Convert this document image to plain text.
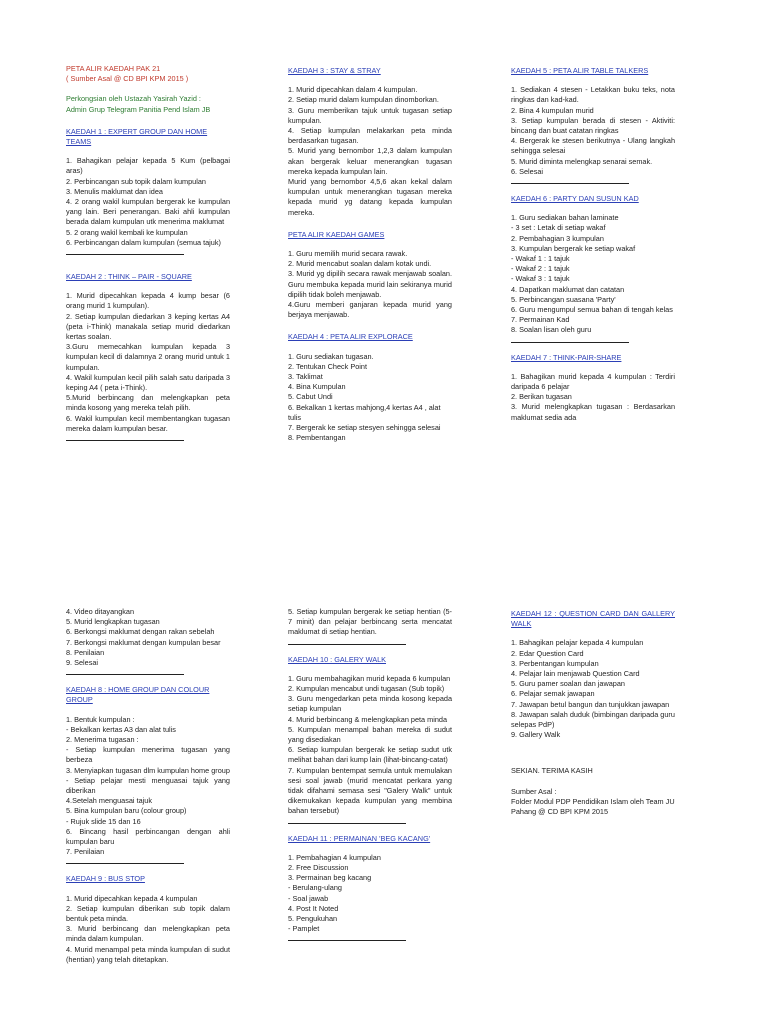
PETA ALIR KAEDAH PAK 21
( Sumber Asal @ CD BPI KPM 2015 )
Perkongsian oleh Ustazah Yasirah Yazid :
Admin Grup Telegram Panitia Pend Islam JB
KAEDAH 1 : EXPERT GROUP DAN HOME TEAMS
1. Bahagikan pelajar kepada 5 Kum (pelbagai aras)
2. Perbincangan sub topik dalam kumpulan
3. Menulis maklumat dan idea
4. 2 orang wakil kumpulan bergerak ke kumpulan yang lain. Beri penerangan. Baki ahli kumpulan berada dalam kumpulan utk menerima maklumat
5. 2 orang wakil kembali ke kumpulan
6. Perbincangan dalam kumpulan (semua tajuk)
KAEDAH 2 : THINK – PAIR - SQUARE
1. Murid dipecahkan kepada 4 kump besar (6 orang murid 1 kumpulan).
2. Setiap kumpulan diedarkan 3 keping kertas A4 (peta i-Think) manakala setiap murid diedarkan kertas soalan.
3.Guru memecahkan kumpulan kepada 3 kumpulan kecil di dalamnya 2 orang murid untuk 1 kumpulan.
4. Wakil kumpulan kecil pilih salah satu daripada 3 keping A4 ( peta i-Think).
5.Murid berbincang dan melengkapkan peta minda kosong yang mereka telah pilih.
6. Wakil kumpulan kecil membentangkan tugasan mereka dalam kumpulan besar.
KAEDAH 3 : STAY & STRAY
1. Murid dipecahkan dalam 4 kumpulan.
2. Setiap murid dalam kumpulan dinomborkan.
3. Guru memberikan tajuk untuk tugasan setiap kumpulan.
4. Setiap kumpulan melakarkan peta minda berdasarkan tugasan.
5. Murid yang bernombor 1,2,3 dalam kumpulan akan bergerak keluar menerangkan tugasan mereka kepada kumpulan lain.
Murid yang bernombor 4,5,6 akan kekal dalam kumpulan untuk menerangkan tugasan mereka kepada murid yg datang kepada kumpulan mereka.
PETA ALIR KAEDAH GAMES
1. Guru memilih murid secara rawak.
2. Murid mencabut soalan dalam kotak undi.
3. Murid yg dipilih secara rawak menjawab soalan. Guru membuka kepada murid lain sekiranya murid dipilih tidak boleh menjawab.
4.Guru memberi ganjaran kepada murid yang berjaya menjawab.
KAEDAH 4 : PETA ALIR EXPLORACE
1. Guru sediakan tugasan.
2. Tentukan Check Point
3. Taklimat
4. Bina Kumpulan
5. Cabut Undi
6. Bekalkan 1 kertas mahjong,4 kertas A4 , alat tulis
7. Bergerak ke setiap stesyen sehingga selesai
8. Pembentangan
KAEDAH 5 : PETA ALIR TABLE TALKERS
1. Sediakan 4 stesen - Letakkan buku teks, nota ringkas dan kad-kad.
2. Bina 4 kumpulan murid
3. Setiap kumpulan berada di stesen - Aktiviti: bincang dan buat catatan ringkas
4. Bergerak ke stesen berikutnya - Ulang langkah sehingga selesai
5. Murid diminta melengkap senarai semak.
6. Selesai
KAEDAH 6 : PARTY DAN SUSUN KAD
1. Guru sediakan bahan laminate
- 3 set : Letak di setiap wakaf
2. Pembahagian 3 kumpulan
3. Kumpulan bergerak ke setiap wakaf
- Wakaf 1 : 1 tajuk
- Wakaf 2 : 1 tajuk
- Wakaf 3 : 1 tajuk
4. Dapatkan maklumat dan catatan
5. Perbincangan suasana 'Party'
6. Guru mengumpul semua bahan di tengah kelas
7. Permainan Kad
8. Soalan lisan oleh guru
KAEDAH 7 : THINK-PAIR-SHARE
1. Bahagikan murid kepada 4 kumpulan : Terdiri daripada 6 pelajar
2. Berikan tugasan
3. Murid melengkapkan tugasan : Berdasarkan maklumat sedia ada
4. Video ditayangkan
5. Murid lengkapkan tugasan
6. Berkongsi maklumat dengan rakan sebelah
7. Berkongsi maklumat dengan kumpulan besar
8. Penilaian
9. Selesai
KAEDAH 8 : HOME GROUP DAN COLOUR GROUP
1. Bentuk kumpulan :
- Bekalkan kertas A3 dan alat tulis
2. Menerima tugasan :
- Setiap kumpulan menerima tugasan yang berbeza
3. Menyiapkan tugasan dlm kumpulan home group
- Setiap pelajar mesti menguasai tajuk yang diberikan
4.Setelah menguasai tajuk
5. Bina kumpulan baru (colour group)
- Rujuk slide 15 dan 16
6. Bincang hasil perbincangan dengan ahli kumpulan baru
7. Penilaian
KAEDAH 9 : BUS STOP
1. Murid dipecahkan kepada 4 kumpulan
2. Setiap kumpulan diberikan sub topik dalam bentuk peta minda.
3. Murid berbincang dan melengkapkan peta minda dalam kumpulan.
4. Murid menampal peta minda kumpulan di sudut (hentian) yang telah ditetapkan.
5. Setiap kumpulan bergerak ke setiap hentian (5-7 minit) dan pelajar berbincang serta mencatat maklumat di setiap hentian.
KAEDAH 10 : GALERY WALK
1. Guru membahagikan murid kepada 6 kumpulan
2. Kumpulan mencabut undi tugasan (Sub topik)
3. Guru mengedarkan peta minda kosong kepada setiap kumpulan
4. Murid berbincang & melengkapkan peta minda
5. Kumpulan menampal bahan mereka di sudut yang disediakan
6. Setiap kumpulan bergerak ke setiap sudut utk melihat bahan dari kump lain (lihat-bincang-catat)
7. Kumpulan bentempat semula untuk memulakan sesi soal jawab (murid mencatat perkara yang tidak difahami semasa sesi "Galery Walk" untuk dikemukakan kepada kumpulan yang membina bahan tersebut)
KAEDAH 11 : PERMAINAN 'BEG KACANG'
1. Pembahagian 4 kumpulan
2. Free Discussion
3. Permainan beg kacang
- Berulang-ulang
- Soal jawab
4. Post It Noted
5. Pengukuhan
- Pamplet
KAEDAH 12 : QUESTION CARD DAN GALLERY WALK
1. Bahagikan pelajar kepada 4 kumpulan
2. Edar Question Card
3. Perbentangan kumpulan
4. Pelajar lain menjawab Question Card
5. Guru pamer soalan dan jawapan
6. Pelajar semak jawapan
7. Jawapan betul bangun dan tunjukkan jawapan
8. Jawapan salah duduk (bimbingan daripada guru selepas PdP)
9. Gallery Walk
SEKIAN. TERIMA KASIH
Sumber Asal :
Folder Modul PDP Pendidikan Islam oleh Team JU Pahang @ CD BPI KPM 2015
